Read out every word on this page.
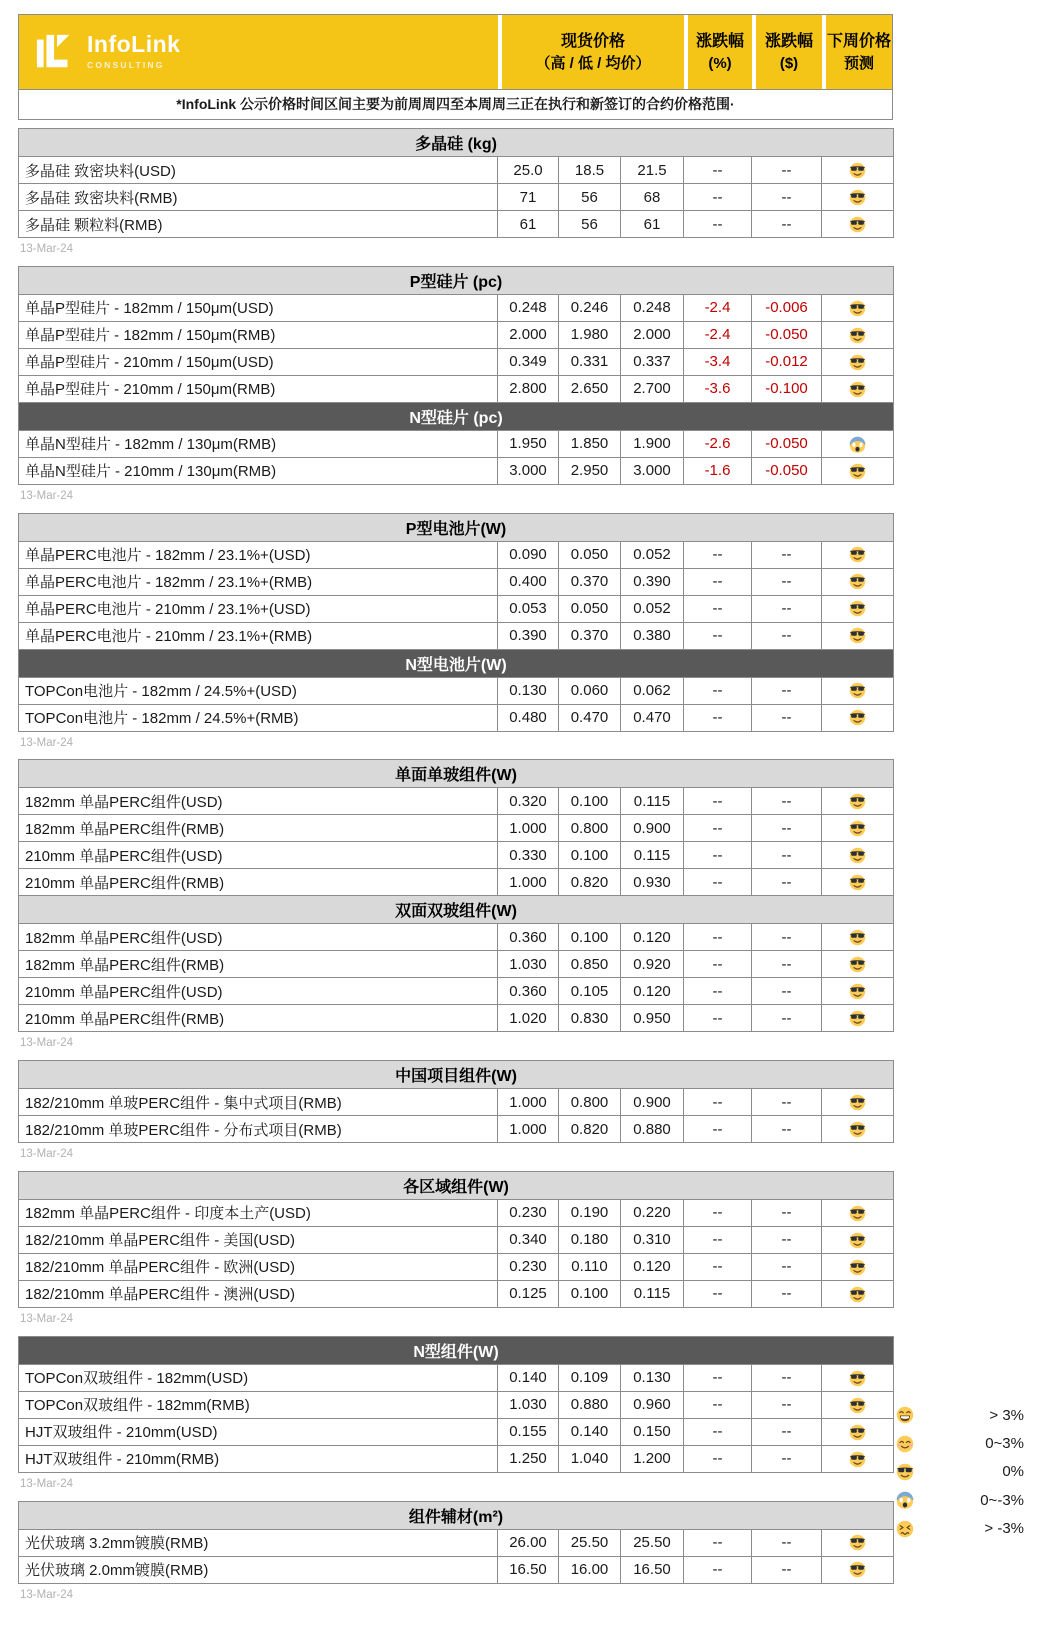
InfoLink
CONSULTING
现货价格
（高 / 低 / 均价）
涨跌幅
(%)
涨跌幅
($)
下周价格
预测
*InfoLink 公示价格时间区间主要为前周周四至本周周三正在执行和新签订的合约价格范围·
多晶硅 (kg)						
多晶硅 致密块料(USD)	25.0	18.5	21.5	--	--	

多晶硅 致密块料(RMB)	71	56	68	--	--	

多晶硅 颗粒料(RMB)	61	56	61	--	--	
13-Mar-24
P型硅片 (pc)						
单晶P型硅片 - 182mm / 150μm(USD)	0.248	0.246	0.248	-2.4	-0.006	

单晶P型硅片 - 182mm / 150μm(RMB)	2.000	1.980	2.000	-2.4	-0.050	

单晶P型硅片 - 210mm / 150μm(USD)	0.349	0.331	0.337	-3.4	-0.012	

单晶P型硅片 - 210mm / 150μm(RMB)	2.800	2.650	2.700	-3.6	-0.100	

N型硅片 (pc)						
单晶N型硅片 - 182mm / 130μm(RMB)	1.950	1.850	1.900	-2.6	-0.050	

单晶N型硅片 - 210mm / 130μm(RMB)	3.000	2.950	3.000	-1.6	-0.050	
13-Mar-24
P型电池片(W)						
单晶PERC电池片 - 182mm / 23.1%+(USD)	0.090	0.050	0.052	--	--	

单晶PERC电池片 - 182mm / 23.1%+(RMB)	0.400	0.370	0.390	--	--	

单晶PERC电池片 - 210mm / 23.1%+(USD)	0.053	0.050	0.052	--	--	

单晶PERC电池片 - 210mm / 23.1%+(RMB)	0.390	0.370	0.380	--	--	

N型电池片(W)						
TOPCon电池片 - 182mm / 24.5%+(USD)	0.130	0.060	0.062	--	--	

TOPCon电池片 - 182mm / 24.5%+(RMB)	0.480	0.470	0.470	--	--	
13-Mar-24
单面单玻组件(W)						
182mm 单晶PERC组件(USD)	0.320	0.100	0.115	--	--	

182mm 单晶PERC组件(RMB)	1.000	0.800	0.900	--	--	

210mm 单晶PERC组件(USD)	0.330	0.100	0.115	--	--	

210mm 单晶PERC组件(RMB)	1.000	0.820	0.930	--	--	

双面双玻组件(W)						
182mm 单晶PERC组件(USD)	0.360	0.100	0.120	--	--	

182mm 单晶PERC组件(RMB)	1.030	0.850	0.920	--	--	

210mm 单晶PERC组件(USD)	0.360	0.105	0.120	--	--	

210mm 单晶PERC组件(RMB)	1.020	0.830	0.950	--	--	
13-Mar-24
中国项目组件(W)						
182/210mm 单玻PERC组件 - 集中式项目(RMB)	1.000	0.800	0.900	--	--	

182/210mm 单玻PERC组件 - 分布式项目(RMB)	1.000	0.820	0.880	--	--	
13-Mar-24
各区域组件(W)						
182mm 单晶PERC组件 - 印度本土产(USD)	0.230	0.190	0.220	--	--	

182/210mm 单晶PERC组件 - 美国(USD)	0.340	0.180	0.310	--	--	

182/210mm 单晶PERC组件 - 欧洲(USD)	0.230	0.110	0.120	--	--	

182/210mm 单晶PERC组件 - 澳洲(USD)	0.125	0.100	0.115	--	--	
13-Mar-24
N型组件(W)						
TOPCon双玻组件 - 182mm(USD)	0.140	0.109	0.130	--	--	

TOPCon双玻组件 - 182mm(RMB)	1.030	0.880	0.960	--	--	

HJT双玻组件 - 210mm(USD)	0.155	0.140	0.150	--	--	

HJT双玻组件 - 210mm(RMB)	1.250	1.040	1.200	--	--	
13-Mar-24
组件辅材(m²)						
光伏玻璃 3.2mm镀膜(RMB)	26.00	25.50	25.50	--	--	

光伏玻璃 2.0mm镀膜(RMB)	16.50	16.00	16.50	--	--	
13-Mar-24
> 3%
0~3%
0%
0~-3%
> -3%
